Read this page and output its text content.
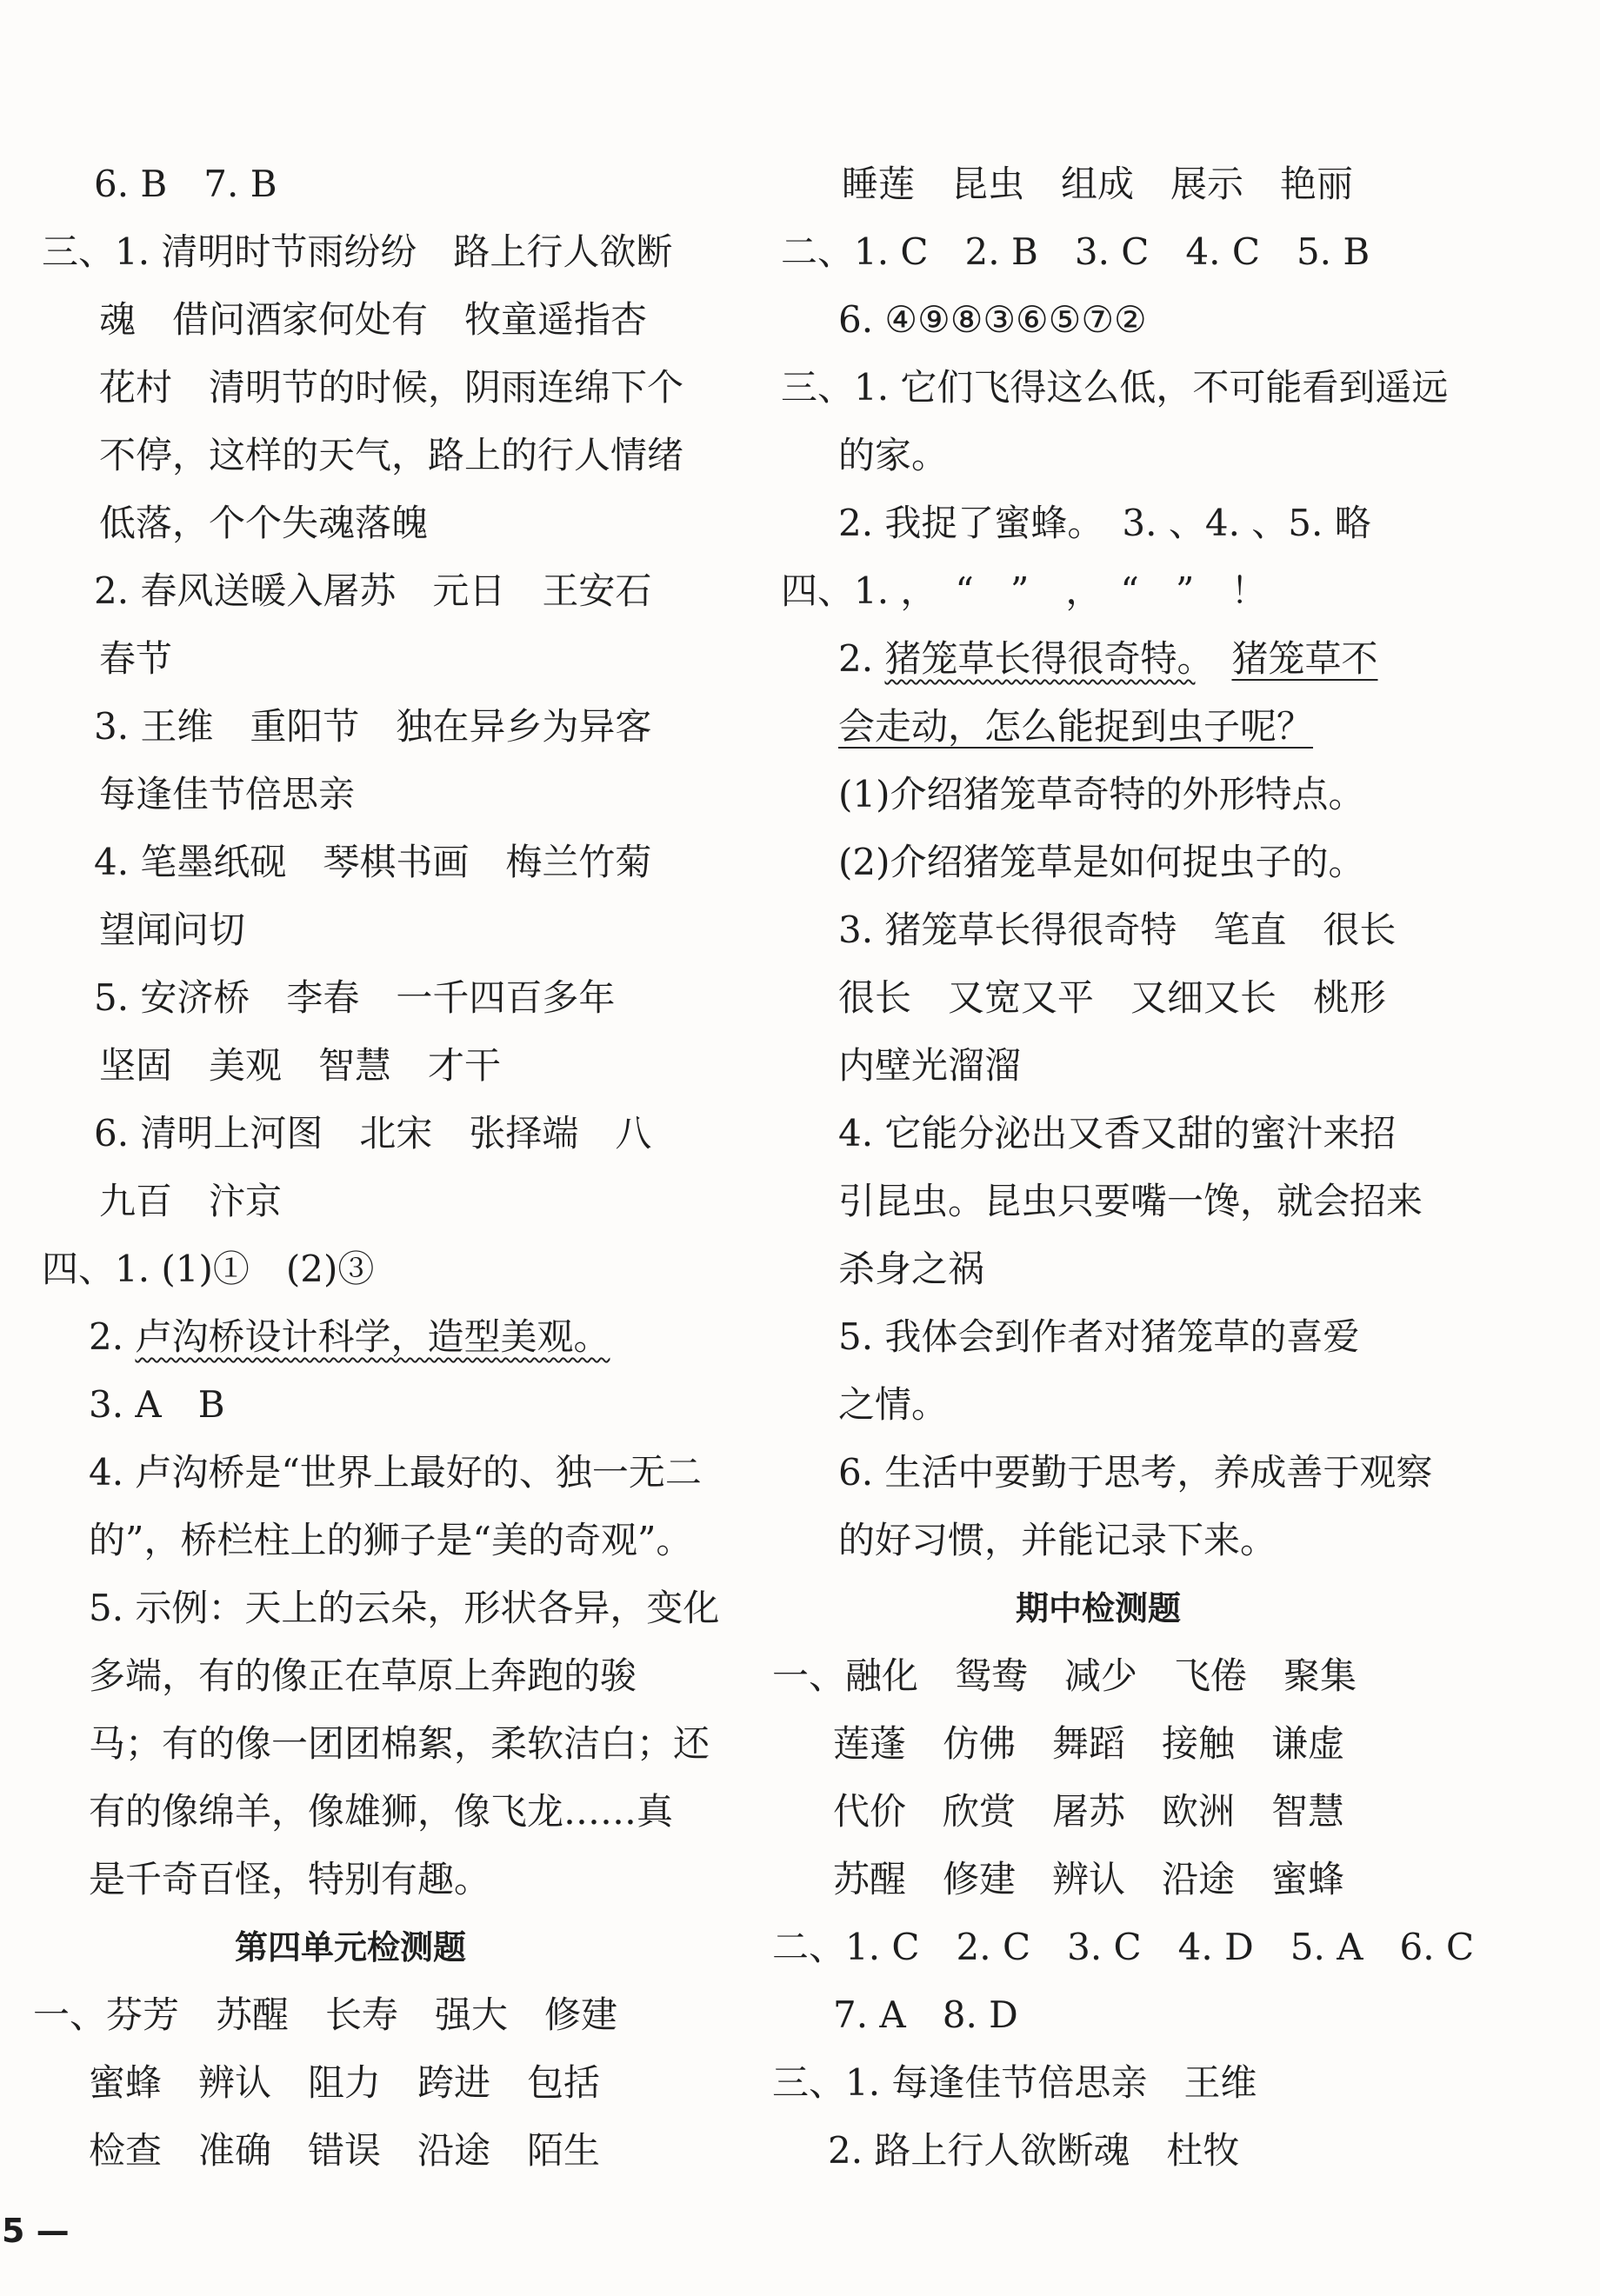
6. B　7. B
三、1. 清明时节雨纷纷　路上行人欲断
魂　借问酒家何处有　牧童遥指杏
花村　清明节的时候，阴雨连绵下个
不停，这样的天气，路上的行人情绪
低落，个个失魂落魄
2. 春风送暖入屠苏　元日　王安石
春节
3. 王维　重阳节　独在异乡为异客
每逢佳节倍思亲
4. 笔墨纸砚　琴棋书画　梅兰竹菊
望闻问切
5. 安济桥　李春　一千四百多年
坚固　美观　智慧　才干
6. 清明上河图　北宋　张择端　八
九百　汴京
四、1. (1)①　(2)③
2. 卢沟桥设计科学，造型美观。
3. A　B
4. 卢沟桥是“世界上最好的、独一无二
的”，桥栏柱上的狮子是“美的奇观”。
5. 示例：天上的云朵，形状各异，变化
多端，有的像正在草原上奔跑的骏
马；有的像一团团棉絮，柔软洁白；还
有的像绵羊，像雄狮，像飞龙……真
是千奇百怪，特别有趣。
第四单元检测题
一、芬芳　苏醒　长寿　强大　修建
蜜蜂　辨认　阻力　跨进　包括
检查　准确　错误　沿途　陌生
睡莲　昆虫　组成　展示　艳丽
二、1. C　2. B　3. C　4. C　5. B
6. ④⑨⑧③⑥⑤⑦②
三、1. 它们飞得这么低，不可能看到遥远
的家。
2. 我捉了蜜蜂。　3. 、4. 、5. 略
四、1. ，　“　”　，　“　”　！
2. 猪笼草长得很奇特。　 猪笼草不
会走动，怎么能捉到虫子呢？
(1)介绍猪笼草奇特的外形特点。
(2)介绍猪笼草是如何捉虫子的。
3. 猪笼草长得很奇特　笔直　很长
很长　又宽又平　又细又长　桃形
内壁光溜溜
4. 它能分泌出又香又甜的蜜汁来招
引昆虫。昆虫只要嘴一馋，就会招来
杀身之祸
5. 我体会到作者对猪笼草的喜爱
之情。
6. 生活中要勤于思考，养成善于观察
的好习惯，并能记录下来。
期中检测题
一、融化　鸳鸯　减少　飞倦　聚集
莲蓬　仿佛　舞蹈　接触　谦虚
代价　欣赏　屠苏　欧洲　智慧
苏醒　修建　辨认　沿途　蜜蜂
二、1. C　2. C　3. C　4. D　5. A　6. C
7. A　8. D
三、1. 每逢佳节倍思亲　王维
2. 路上行人欲断魂　杜牧
5 —
